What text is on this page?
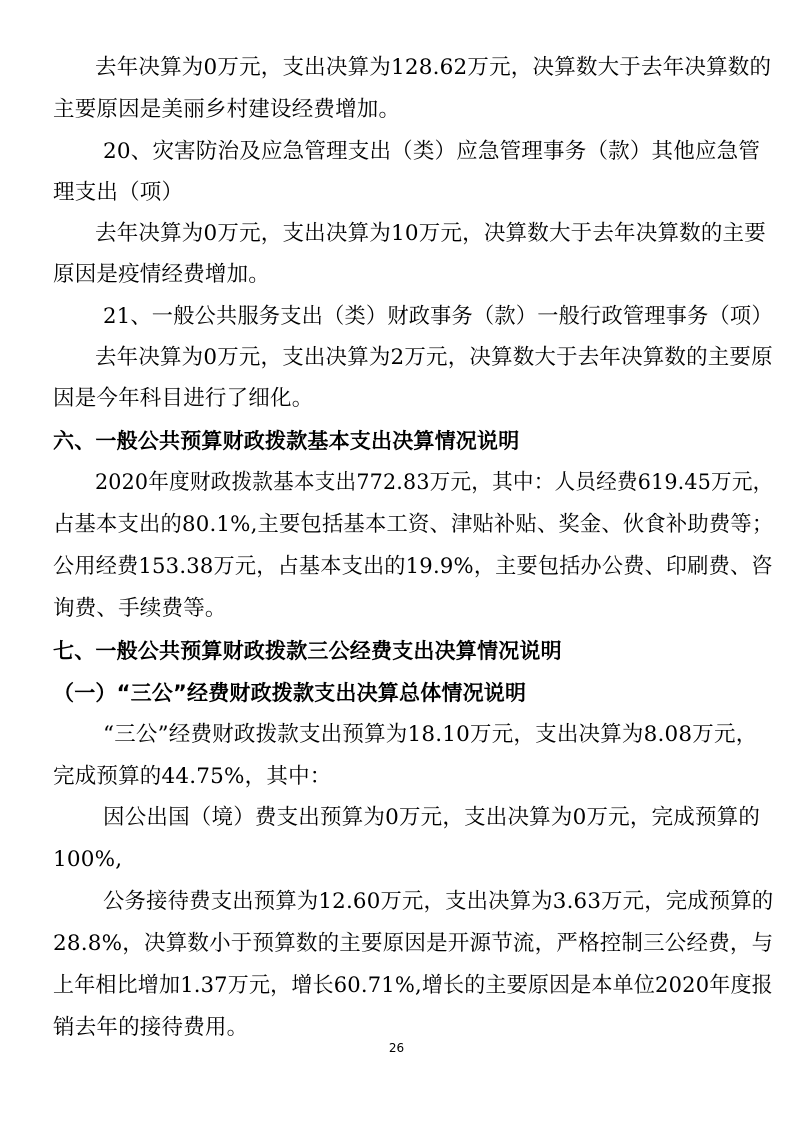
去年决算为0万元，支出决算为128.62万元，决算数大于去年决算数的
主要原因是美丽乡村建设经费增加。
20、灾害防治及应急管理支出（类）应急管理事务（款）其他应急管
理支出（项）
去年决算为0万元，支出决算为10万元，决算数大于去年决算数的主要
原因是疫情经费增加。
21、一般公共服务支出（类）财政事务（款）一般行政管理事务（项）
去年决算为0万元，支出决算为2万元，决算数大于去年决算数的主要原
因是今年科目进行了细化。
六、一般公共预算财政拨款基本支出决算情况说明
2020年度财政拨款基本支出772.83万元，其中：人员经费619.45万元，
占基本支出的80.1%,主要包括基本工资、津贴补贴、奖金、伙食补助费等；
公用经费153.38万元，占基本支出的19.9%，主要包括办公费、印刷费、咨
询费、手续费等。
七、一般公共预算财政拨款三公经费支出决算情况说明
（一）“三公”经费财政拨款支出决算总体情况说明
“三公”经费财政拨款支出预算为18.10万元，支出决算为8.08万元，
完成预算的44.75%，其中：
因公出国（境）费支出预算为0万元，支出决算为0万元，完成预算的
100%,
公务接待费支出预算为12.60万元，支出决算为3.63万元，完成预算的
28.8%，决算数小于预算数的主要原因是开源节流，严格控制三公经费，与
上年相比增加1.37万元，增长60.71%,增长的主要原因是本单位2020年度报
销去年的接待费用。
26
